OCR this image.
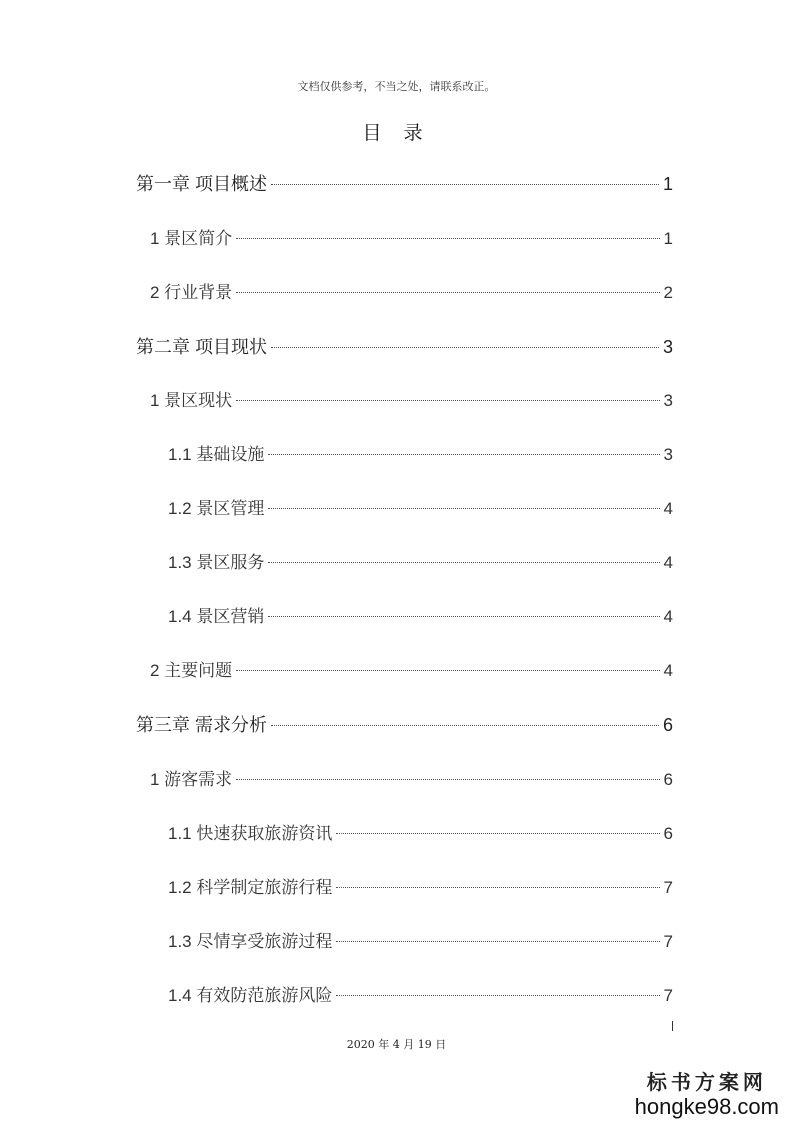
文档仅供参考，不当之处，请联系改正。
目 录
第一章 项目概述	1
1 景区简介	1
2 行业背景	2
第二章 项目现状	3
1 景区现状	3
1.1 基础设施	3
1.2 景区管理	4
1.3 景区服务	4
1.4 景区营销	4
2 主要问题	4
第三章 需求分析	6
1 游客需求	6
1.1 快速获取旅游资讯	6
1.2 科学制定旅游行程	7
1.3 尽情享受旅游过程	7
1.4 有效防范旅游风险	7
2020 年 4 月 19 日
标书方案网
hongke98.com
